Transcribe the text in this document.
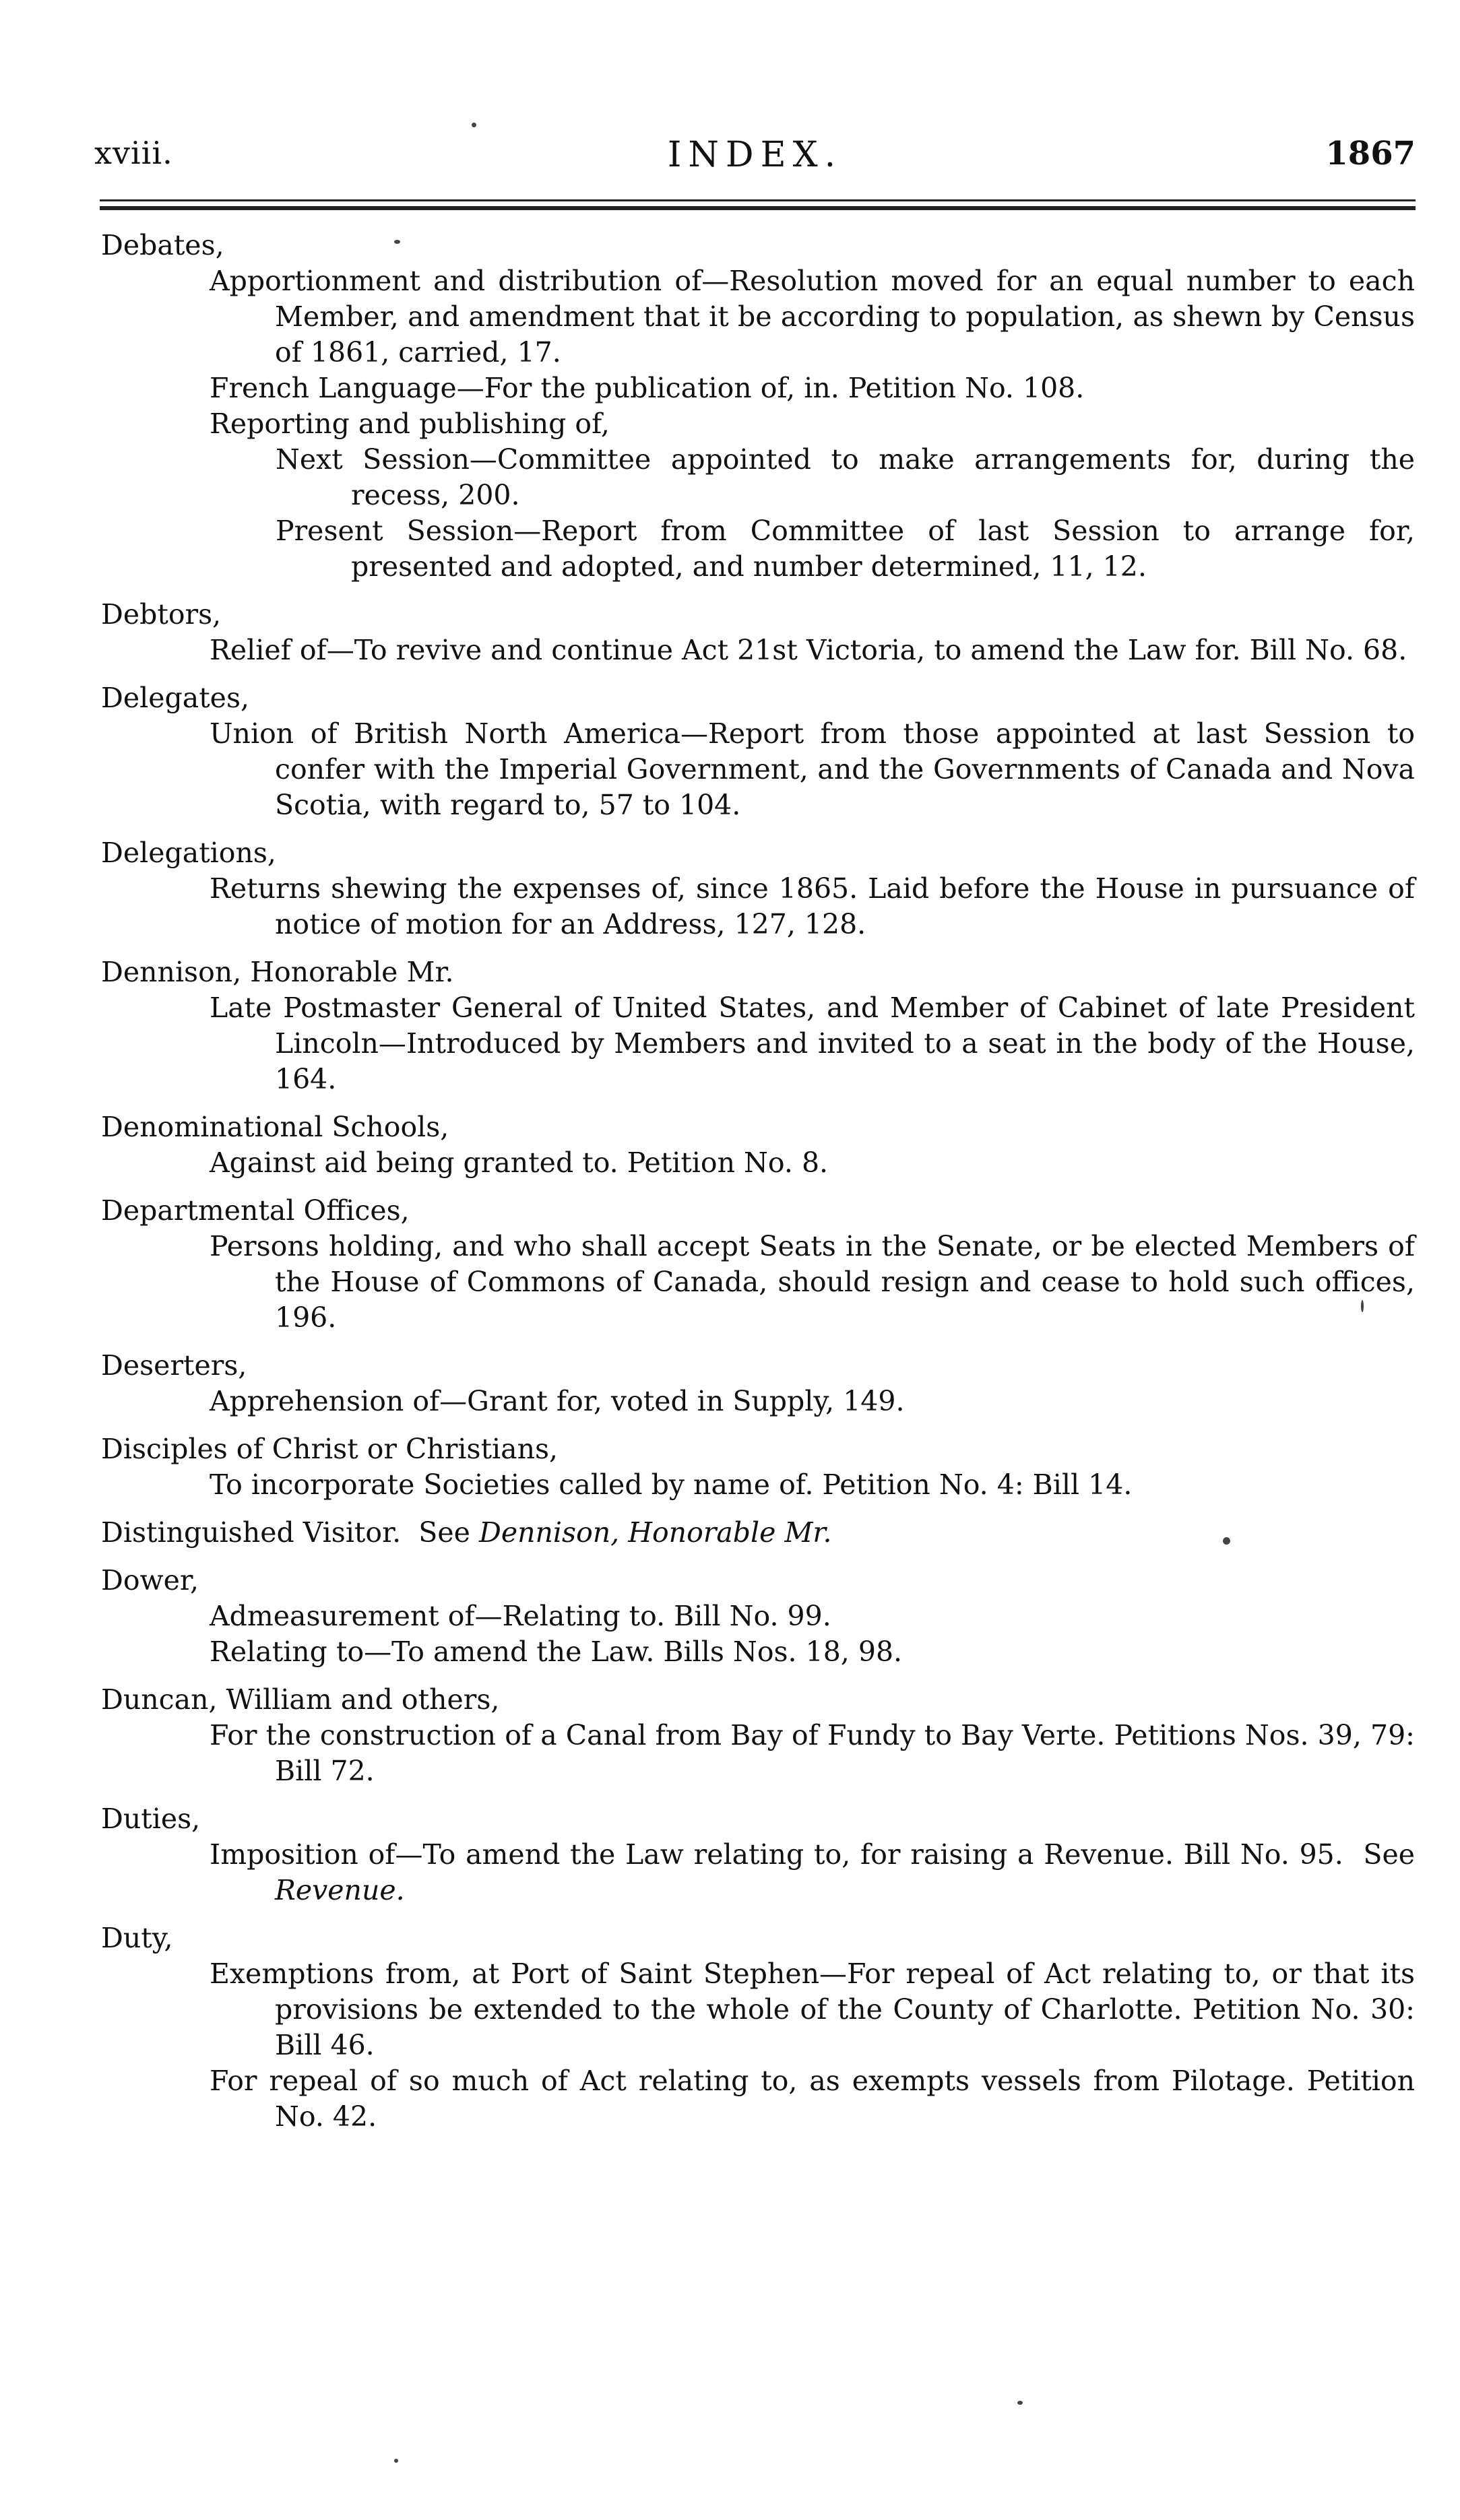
xviii.	INDEX.	1867
Debates,
Apportionment and distribution of—Resolution moved for an equal number to each Member, and amendment that it be according to population, as shewn by Census of 1861, carried, 17.
French Language—For the publication of, in. Petition No. 108.
Reporting and publishing of,
Next Session—Committee appointed to make arrangements for, during the recess, 200.
Present Session—Report from Committee of last Session to arrange for, presented and adopted, and number determined, 11, 12.
Debtors,
Relief of—To revive and continue Act 21st Victoria, to amend the Law for. Bill No. 68.
Delegates,
Union of British North America—Report from those appointed at last Session to confer with the Imperial Government, and the Governments of Canada and Nova Scotia, with regard to, 57 to 104.
Delegations,
Returns shewing the expenses of, since 1865. Laid before the House in pursuance of notice of motion for an Address, 127, 128.
Dennison, Honorable Mr.
Late Postmaster General of United States, and Member of Cabinet of late President Lincoln—Introduced by Members and invited to a seat in the body of the House, 164.
Denominational Schools,
Against aid being granted to. Petition No. 8.
Departmental Offices,
Persons holding, and who shall accept Seats in the Senate, or be elected Members of the House of Commons of Canada, should resign and cease to hold such offices, 196.
Deserters,
Apprehension of—Grant for, voted in Supply, 149.
Disciples of Christ or Christians,
To incorporate Societies called by name of. Petition No. 4: Bill 14.
Distinguished Visitor. See Dennison, Honorable Mr.
Dower,
Admeasurement of—Relating to. Bill No. 99.
Relating to—To amend the Law. Bills Nos. 18, 98.
Duncan, William and others,
For the construction of a Canal from Bay of Fundy to Bay Verte. Petitions Nos. 39, 79: Bill 72.
Duties,
Imposition of—To amend the Law relating to, for raising a Revenue. Bill No. 95. See Revenue.
Duty,
Exemptions from, at Port of Saint Stephen—For repeal of Act relating to, or that its provisions be extended to the whole of the County of Charlotte. Petition No. 30: Bill 46.
For repeal of so much of Act relating to, as exempts vessels from Pilotage. Petition No. 42.
